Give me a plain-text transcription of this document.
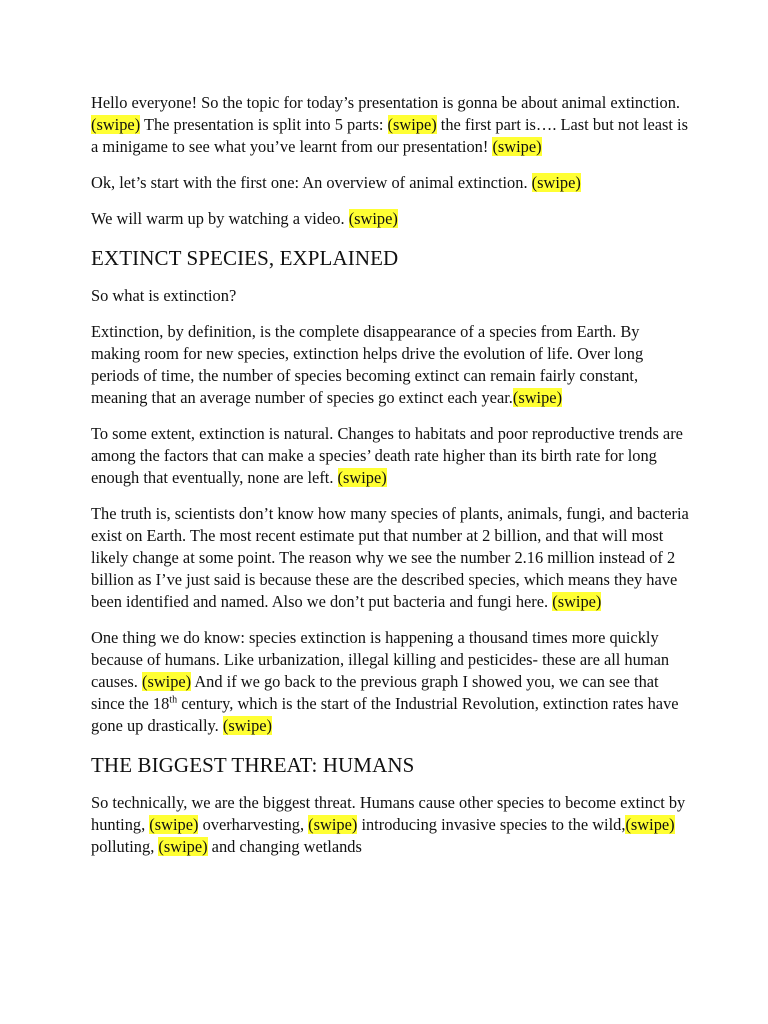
Hello everyone! So the topic for today’s presentation is gonna be about animal extinction. (swipe) The presentation is split into 5 parts: (swipe) the first part is…. Last but not least is a minigame to see what you’ve learnt from our presentation! (swipe)

Ok, let’s start with the first one: An overview of animal extinction. (swipe)

We will warm up by watching a video. (swipe)

EXTINCT SPECIES, EXPLAINED

So what is extinction?

Extinction, by definition, is the complete disappearance of a species from Earth. By making room for new species, extinction helps drive the evolution of life. Over long periods of time, the number of species becoming extinct can remain fairly constant, meaning that an average number of species go extinct each year.(swipe)

To some extent, extinction is natural. Changes to habitats and poor reproductive trends are among the factors that can make a species’ death rate higher than its birth rate for long enough that eventually, none are left. (swipe)

The truth is, scientists don’t know how many species of plants, animals, fungi, and bacteria exist on Earth. The most recent estimate put that number at 2 billion, and that will most likely change at some point. The reason why we see the number 2.16 million instead of 2 billion as I’ve just said is because these are the described species, which means they have been identified and named. Also we don’t put bacteria and fungi here. (swipe)

One thing we do know: species extinction is happening a thousand times more quickly because of humans. Like urbanization, illegal killing and pesticides- these are all human causes. (swipe) And if we go back to the previous graph I showed you, we can see that since the 18th century, which is the start of the Industrial Revolution, extinction rates have gone up drastically. (swipe)

THE BIGGEST THREAT: HUMANS

So technically, we are the biggest threat. Humans cause other species to become extinct by hunting, (swipe) overharvesting, (swipe) introducing invasive species to the wild,(swipe) polluting, (swipe) and changing wetlands
